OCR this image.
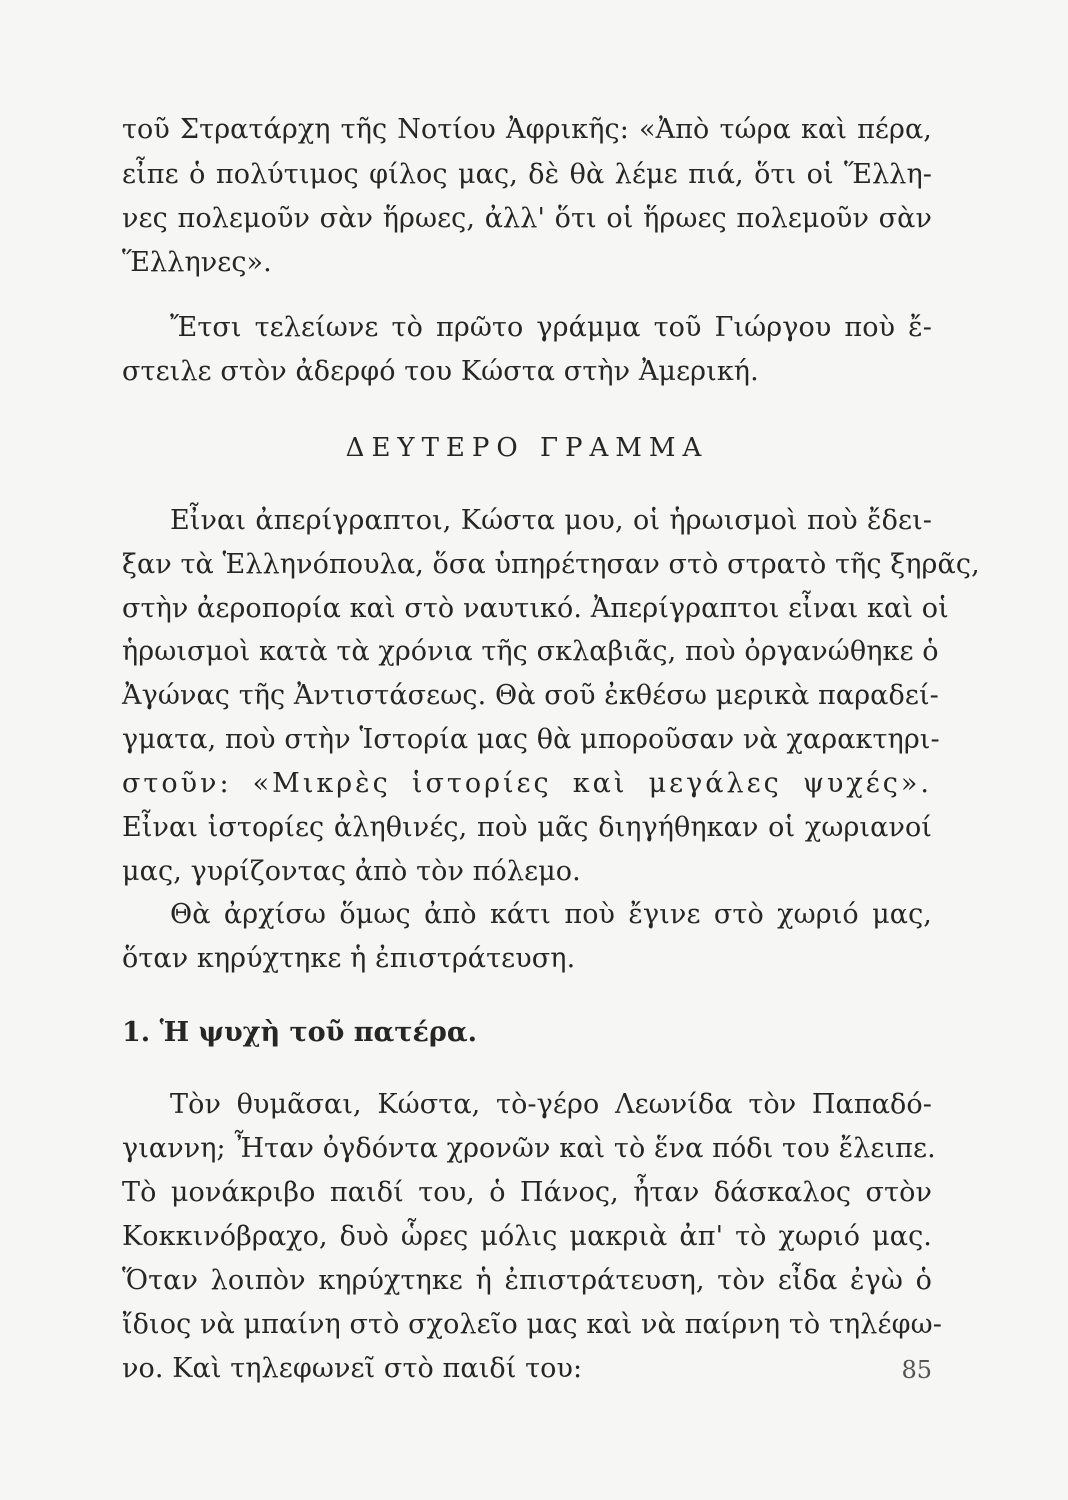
τοῦ Στρατάρχη τῆς Νοτίου Ἀφρικῆς: «Ἀπὸ τώρα καὶ πέρα,
εἶπε ὁ πολύτιμος φίλος μας, δὲ θὰ λέμε πιά, ὅτι οἱ Ἕλλη-
νες πολεμοῦν σὰν ἥρωες, ἀλλ' ὅτι οἱ ἥρωες πολεμοῦν σὰν
Ἕλληνες».
Ἔτσι τελείωνε τὸ πρῶτο γράμμα τοῦ Γιώργου ποὺ ἔ-
στειλε στὸν ἀδερφό του Κώστα στὴν Ἀμερική.
ΔΕΥΤΕΡΟ ΓΡΑΜΜΑ
Εἶναι ἀπερίγραπτοι, Κώστα μου, οἱ ἡρωισμοὶ ποὺ ἔδει-
ξαν τὰ Ἑλληνόπουλα, ὅσα ὑπηρέτησαν στὸ στρατὸ τῆς ξηρᾶς,
στὴν ἀεροπορία καὶ στὸ ναυτικό. Ἀπερίγραπτοι εἶναι καὶ οἱ
ἡρωισμοὶ κατὰ τὰ χρόνια τῆς σκλαβιᾶς, ποὺ ὀργανώθηκε ὁ
Ἀγώνας τῆς Ἀντιστάσεως. Θὰ σοῦ ἐκθέσω μερικὰ παραδεί-
γματα, ποὺ στὴν Ἱστορία μας θὰ μποροῦσαν νὰ χαρακτηρι-
στοῦν: «Μικρὲς ἱστορίες καὶ μεγάλες ψυχές».
Εἶναι ἱστορίες ἀληθινές, ποὺ μᾶς διηγήθηκαν οἱ χωριανοί
μας, γυρίζοντας ἀπὸ τὸν πόλεμο.
Θὰ ἀρχίσω ὅμως ἀπὸ κάτι ποὺ ἔγινε στὸ χωριό μας,
ὅταν κηρύχτηκε ἡ ἐπιστράτευση.
1. Ἡ ψυχὴ τοῦ πατέρα.
Τὸν θυμᾶσαι, Κώστα, τὸ-γέρο Λεωνίδα τὸν Παπαδό-
γιαννη; Ἦταν ὀγδόντα χρονῶν καὶ τὸ ἕνα πόδι του ἔλειπε.
Τὸ μονάκριβο παιδί του, ὁ Πάνος, ἦταν δάσκαλος στὸν
Κοκκινόβραχο, δυὸ ὧρες μόλις μακριὰ ἀπ' τὸ χωριό μας.
Ὅταν λοιπὸν κηρύχτηκε ἡ ἐπιστράτευση, τὸν εἶδα ἐγὼ ὁ
ἴδιος νὰ μπαίνη στὸ σχολεῖο μας καὶ νὰ παίρνη τὸ τηλέφω-
νο. Καὶ τηλεφωνεῖ στὸ παιδί του:	85
